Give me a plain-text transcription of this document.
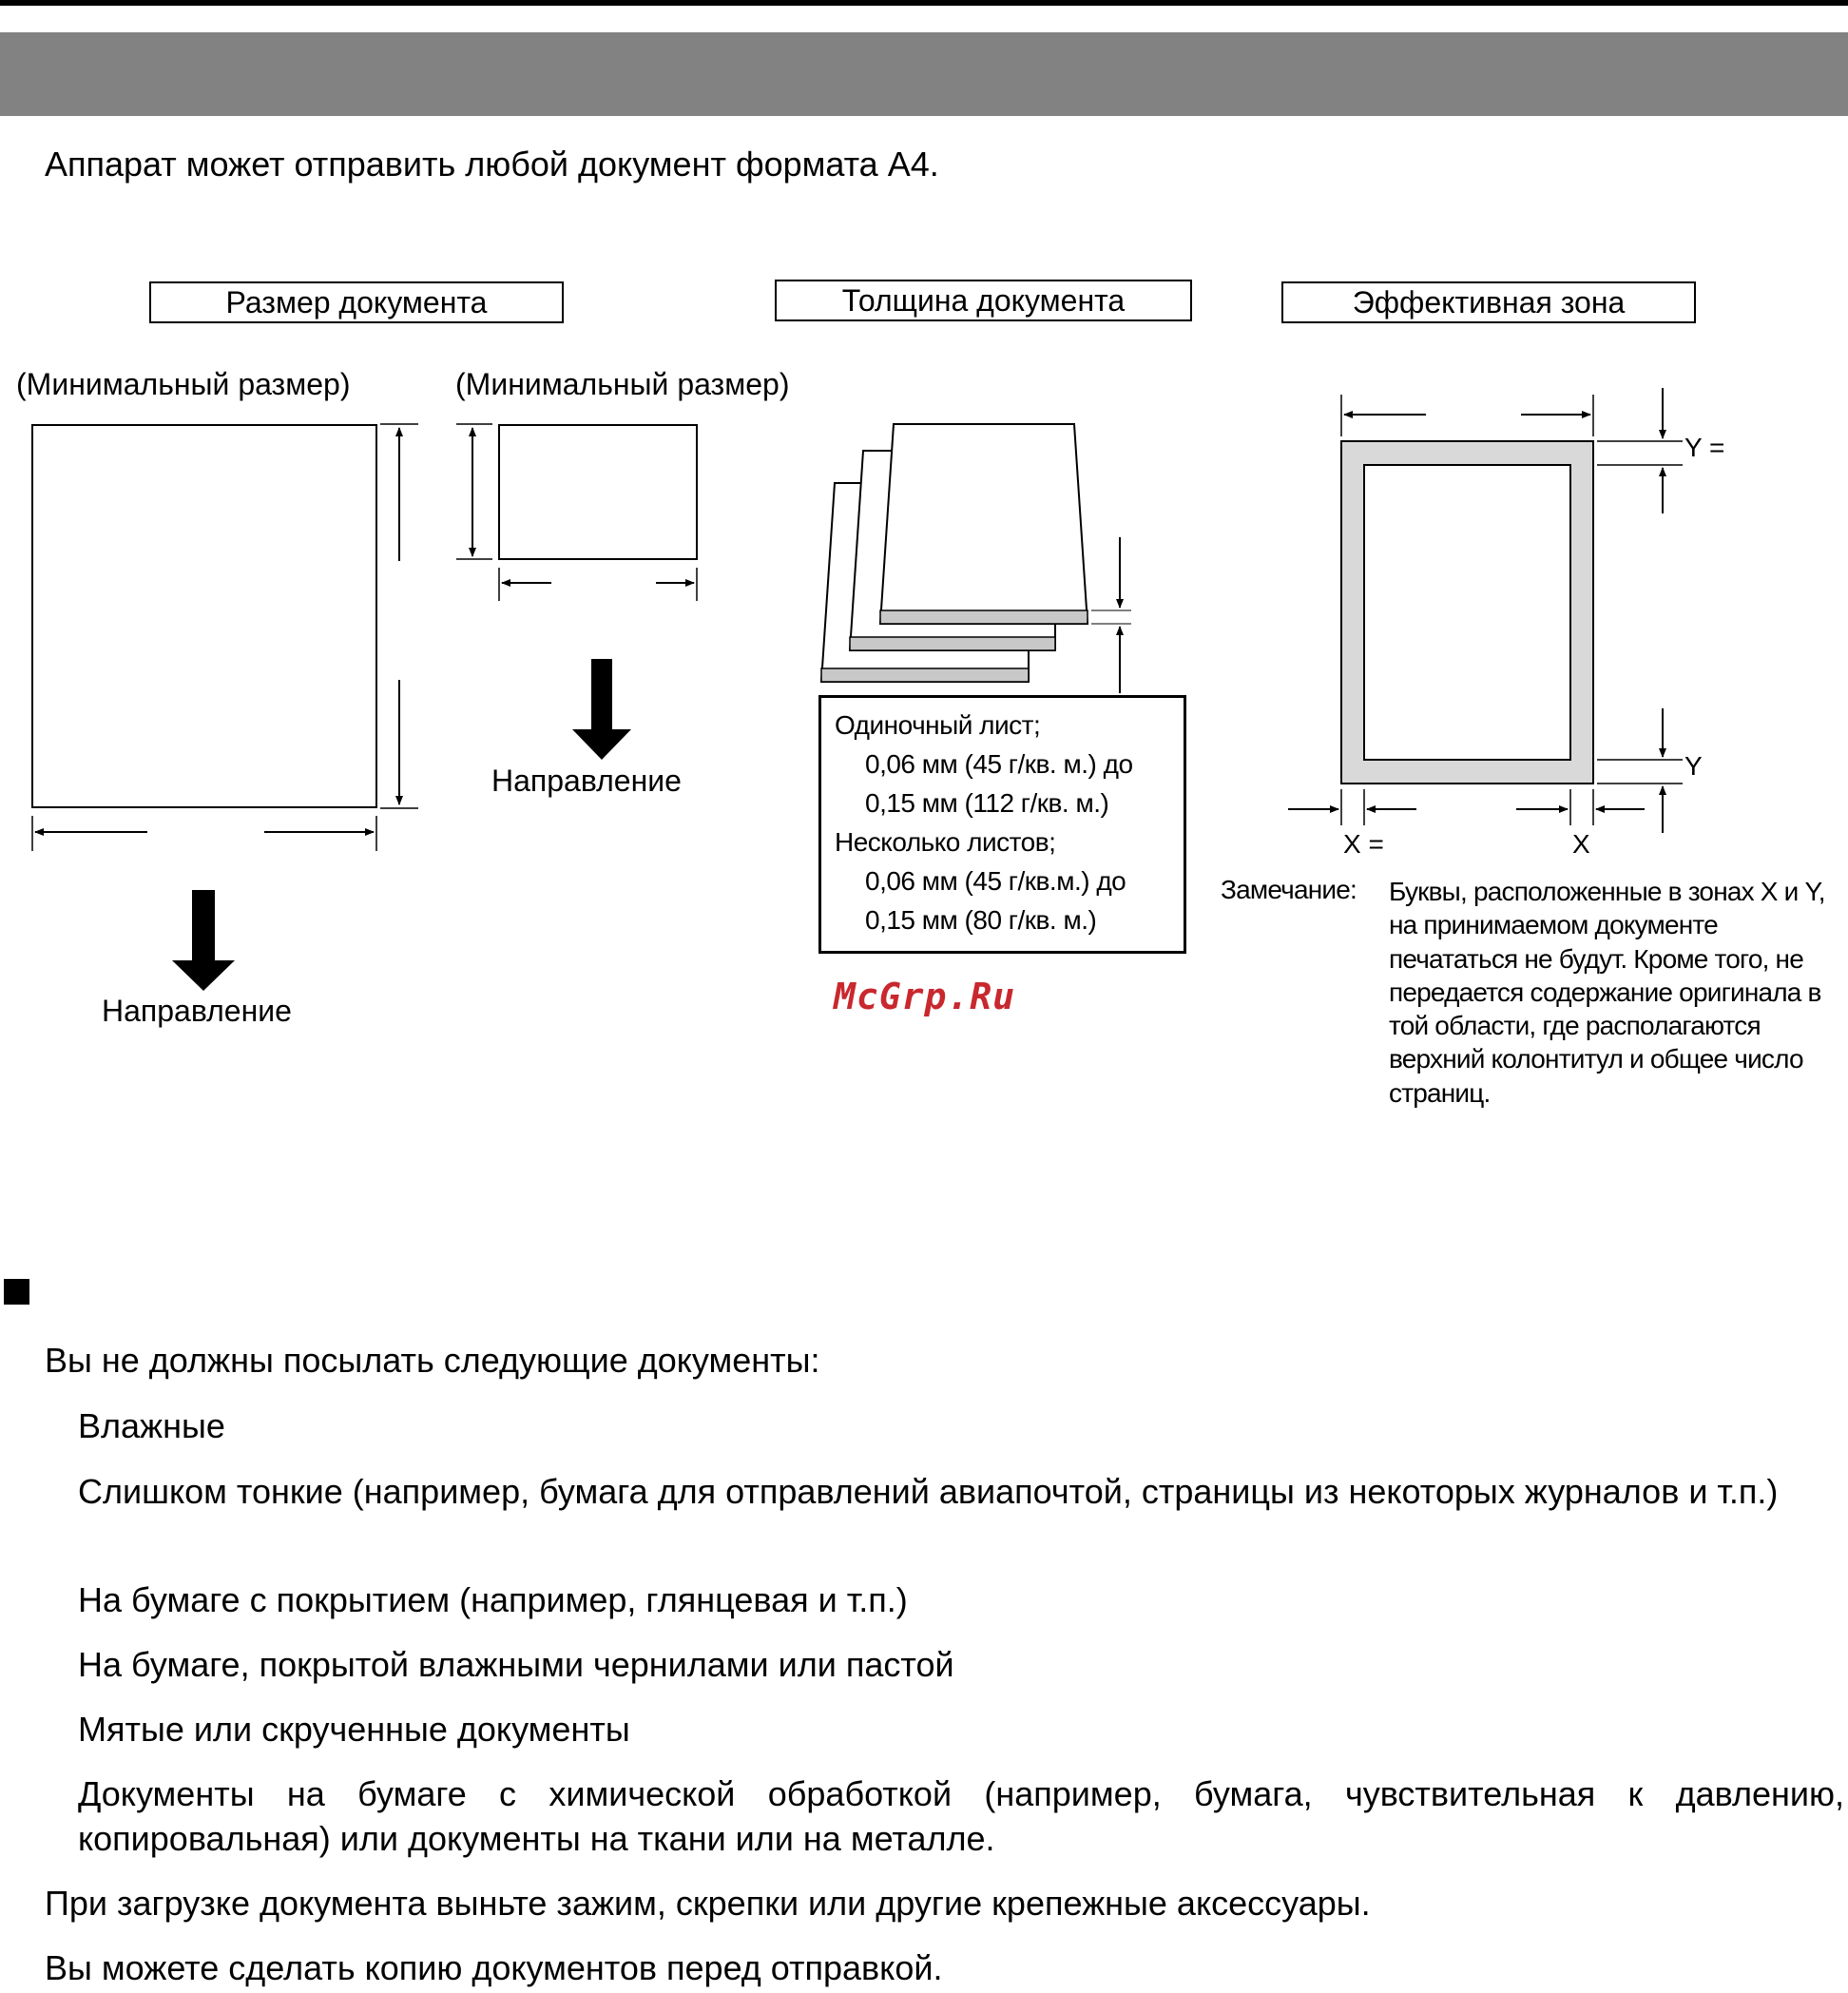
Аппарат может отправить любой документ формата А4.
Размер документа	Толщина документа	Эффективная зона
(Минимальный размер)	(Минимальный размер)
Направление
Направление
Одиночный лист;
0,06 мм (45 г/кв. м.) до
0,15 мм (112 г/кв. м.)
Несколько листов;
0,06 мм (45 г/кв.м.) до
0,15 мм (80 г/кв. м.)
Y =
Y
X =	X
Замечание: Буквы, расположенные в зонах X и Y, на принимаемом документе печататься не будут. Кроме того, не передается содержание оригинала в той области, где располагаются верхний колонтитул и общее число страниц.
McGrp.Ru
Вы не должны посылать следующие документы:
Влажные
Слишком тонкие (например, бумага для отправлений авиапочтой, страницы из некоторых журналов и т.п.)
На бумаге с покрытием (например, глянцевая и т.п.)
На бумаге, покрытой влажными чернилами или пастой
Мятые или скрученные документы
Документы на бумаге с химической обработкой (например, бумага, чувствительная к давлению, копировальная) или документы на ткани или на металле.
При загрузке документа выньте зажим, скрепки или другие крепежные аксессуары.
Вы можете сделать копию документов перед отправкой.
